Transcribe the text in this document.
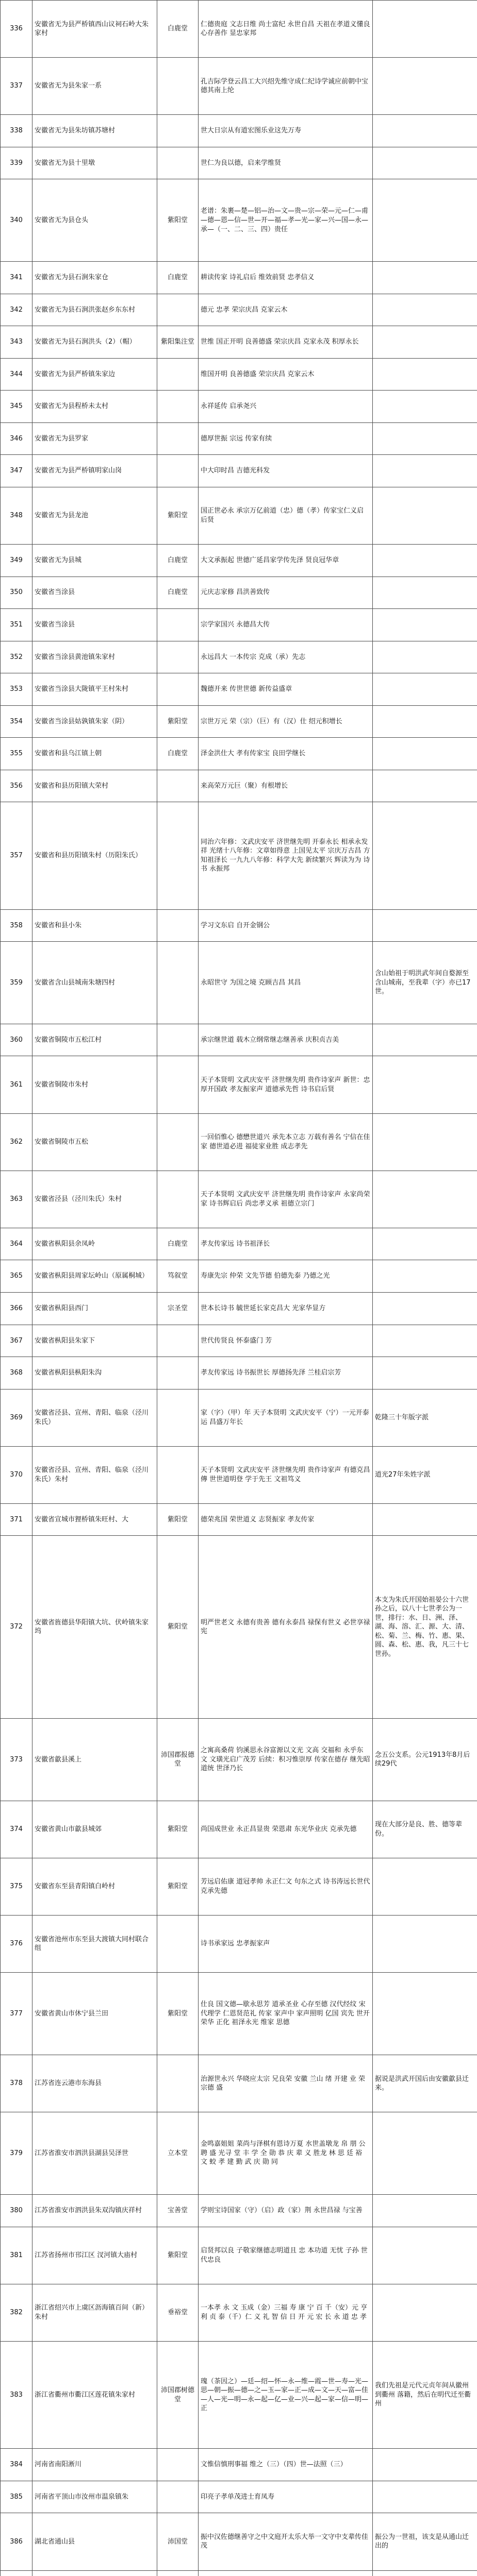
336	安徽省无为县严桥镇西山议祠石岭大朱家村	白鹿堂	仁德贵庭 文志日维 尚士富纪 永世自昌 天祖在孝道义懂良 心存善作 显忠家邦	
337	安徽省无为县朱家一系		孔吉际学登云昌工大兴绍先维守成仁纪诗学诚应前朝中宝德其南上纶	
338	安徽省无为县朱坊镇苏塘村		世大日宗从有道宏图乐业这先万寿	
339	安徽省无为县十里墩		世仁为良以德，启来学维贤	
340	安徽省无为县仓头	紫阳堂	老谱：朱裹—楚—铝—治—文—贵—宗—荣—元—仁—甫—德—恩—信—世—开—福—孝—光—家—兴—国—永—承—（一、二、三、四）贵任	
341	安徽省无为县石涧朱家仓	白鹿堂	耕读传家 诗礼启后 维效前贤 忠孝信义	
342	安徽省无为县石涧洪张赵乡东东村		德元 忠孝 荣宗庆昌 克家云木	
343	安徽省无为县石涧洪头（2）（帽）	紫阳集注堂	世维 国正开明 良善德盛 荣宗庆昌 克家永茂 积厚永长	
344	安徽省无为县严桥镇朱家边		维国开明 良善德盛 荣宗庆昌 克家云木	
345	安徽省无为县程桥未太村		永祥延传 启承尧兴	
346	安徽省无为县罗家		德厚世振 宗远 传家有续	
347	安徽省无为县严桥镇明家山岗		中大印时昌 吉德光科发	
348	安徽省无为县龙池	紫阳堂	国正世必永 承宗万亿前道（忠）德（孝）传家宝仁义启后贤	
349	安徽省无为县城	白鹿堂	大文承振起 世德广延昌家学传先泽 贤良冠华章	
350	安徽省当涂县	白鹿堂	元庆志家修 昌洪善致传	
351	安徽省当涂县		宗学家国兴 永德昌大传	
352	安徽省当涂县黄池镇朱家村		永远昌大 一本传宗 克成（承）先志	
353	安徽省当涂县大陇镇平王村朱村		魏德开来 传世世德 新传益盛章	
354	安徽省当涂县姑孰镇朱家（阴）	紫阳堂	宗世万元 荣（宗）（巨）有（汉）仕 绍元积增长	
355	安徽省和县乌江镇上朝	白鹿堂	泽金洪仕大 孝有传家宝 良田学继长	
356	安徽省和县历阳镇大荣村		来高荣万元巨（聚）有根增长	
357	安徽省和县历阳镇朱村（历阳朱氏）		同治六年修：文武庆安平 济世继先明 开泰永长 相承永发祥 光绪十八年修：文章如得意 上国见太平 宗庆万古昌 方知祖泽长 一九九八年修：科学大先 新续繁兴 辉读为为 诗书 永振邦	
358	安徽省和县小朱		学习文东启 自开金钢公	
359	安徽省含山县城南朱塘四村		永昭世守 为国之境 克顾吉昌 其昌	含山始祖于明洪武年间自婺源至含山城南，至我辈（字）亦已17世。
360	安徽省铜陵市五松江村		承宗继世道 载木立纲常继志继善承 庆积贞吉美	
361	安徽省铜陵市朱村		天子本贤明 文武庆安平 济世继先明 贵作诗家声 新世：忠厚开国政 孝友振家声 道德承先哲 诗书启后贤	
362	安徽省铜陵市五松		一回佰惟心 德懋世道兴 承先本立志 万载有善名 宁信在佳家 德世道必进 福徒家业胜 成志孝先	
363	安徽省泾县（泾川朱氏）朱村		天子本贤明 文武庆安平 济世继先明 贵作诗家声 永家尚荣家 诗书辉启后 尚忠孝义承 祖德立宗门	
364	安徽省枞阳县余凤岭	白鹿堂	孝友传家远 诗书祖泽长	
365	安徽省枞阳县周家坛岭山（原属桐城）	笃叙堂	寿康先宗 仲荣 文先节德 伯德先泰 乃德之光	
366	安徽省枞阳县西门	宗圣堂	世本长诗书 毓世延长家克昌大 光家华显方	
367	安徽省枞阳县朱家下		世代传贤良 怀泰盛门 芳	
368	安徽省枞阳县枞阳朱沟		孝友传家远 诗书振世长 厚德扬先泽 兰桂启宗芳	
369	安徽省泾县、宣州、青阳、临泉（泾川朱氏）		家（字）（甲）年 天子本贤明 文武庆安平（宁）一元开泰运 昌盛万年长	乾隆三十年版字派
370	安徽省泾县、宣州、青阳、临泉（泾川朱氏）朱村		天子本贤明 文武庆安平 济世继先明 贵作诗家声 有德克昌傳 世世道明登 学于先王 文祖笃义	道光27年朱姓字派
371	安徽省宣城市狸桥镇朱旺村、大	紫阳堂	德荣兆国 荣世道义 志贤振家 孝友传家	
372	安徽省旌德县华阳镇大坑、伏岭镇朱家坞	紫阳堂	明严世老文 永德有贵善 德有永泰昌 禄保有世义 必世享禄 宪	本支为朱氏开国始祖晏公十六世孙之后，以八十七世孝公为一世，排行：水、日、洲、泽、湖、海、溶、汇、源、大、清、松、菊、兰、梅、竹、惠、果、圆、森、松、惠、我，凡三十七世孙。
373	安徽省歙县溪上	沛国郡报德堂	之寓高桑荷 钧溪思永谷富源以文光 文高 交福和 永乎东 文 文璜光启广茂芳 后续：积习惟崇厚 传家在德存 继先昭道统 世泽乃长	念五公支系。公元1913年8月后续29代
374	安徽省黄山市歙县城郊	紫阳堂	尚国成世业 永正昌显贵 荣恩肃 东光华业庆 克承先德	现在大部分是良、胜、德等辈份。
375	安徽省东至县青阳镇白岭村	紫阳堂	芳远启佑康 道冠孝帅 永正仁文 句东之式 诗书涛远长世代 克承先德	
376	安徽省池州市东至县大渡镇大同村联合组		诗书承家远 忠孝振家声	
377	安徽省黄山市休宁县兰田	紫阳堂	仕良 国文德—歇永思芳 道承圣业 心存至德 汉代经纹 宋代理学 仁恩贤范礼 传家 家声中 家声照明 亿国 宾先 世开荣华 正化 祖泽永光 维家 思德	
378	江苏省连云港市东海县		治源世永兴 华晓应太宗 兄良荣 安徽 兰山 绪 开建 业 荣 宗德 盛	据说是洪武开国后由安徽歙县迁来。
379	江苏省淮安市泗洪县湖县吴泽世	立本堂	金鸣嘉姐姐 菜尚与泽棋有恩诗万夏 水世盖墩龙 帛 朋 公 聘 盛 光寻 堂 丰 学 全 勋 恭 庆 辈 义 胜龙 林 思 廷 裕 文 蛟 孝 建 勤 武 庆 勋 同	
380	江苏省淮安市泗洪县朱双沟镇庆祥村	宝善堂	学则宝诗国家（守）（启）政（家）荆 永世昌禄 与宝善	
381	江苏省扬州市邗江区 汊河镇大庙村	紫阳堂	启贤邦以良 子敬家继德志明道且 忠 本功道 无忧 子孙 世代忠良	
382	浙江省绍兴市上虞区沥海镇百间（新） 朱村	垂裕堂	一本孝 永 文 玉成（金）三福 寿 康 宁 百 千（安）元 亨 利 贞 泰（千）仁 义 礼 智 信 日 开 元 宏 长 永 道 忠 孝	
383	浙江省衢州市衢江区莲花镇朱家村	沛国郡树德堂	瑰（茶因之）—廷—绍—怀—永—维—霞—世—寿—光—思—朝—振—德—之—玉—家—正—成—文—天—富—佳—人—光—明—永—起—亿—业—兴—起—家—信—明—正	我们先祖是元代元贞年间从徽州到衢州 落籍，然后在明代迁至衢州
384	河南省南阳淅川		文惟信慎刑事福 维之（三）（四）世—法照（三）	
385	河南省平顶山市汝州市温泉镇朱		印亮子孝单茂进士育凤寿	
386	湖北省通山县	沛国堂	振中汉佐德继善守之中文庭开太乐大举一文守中支辈传佳茂	振公为一世祖，该支是从通山迁出的
